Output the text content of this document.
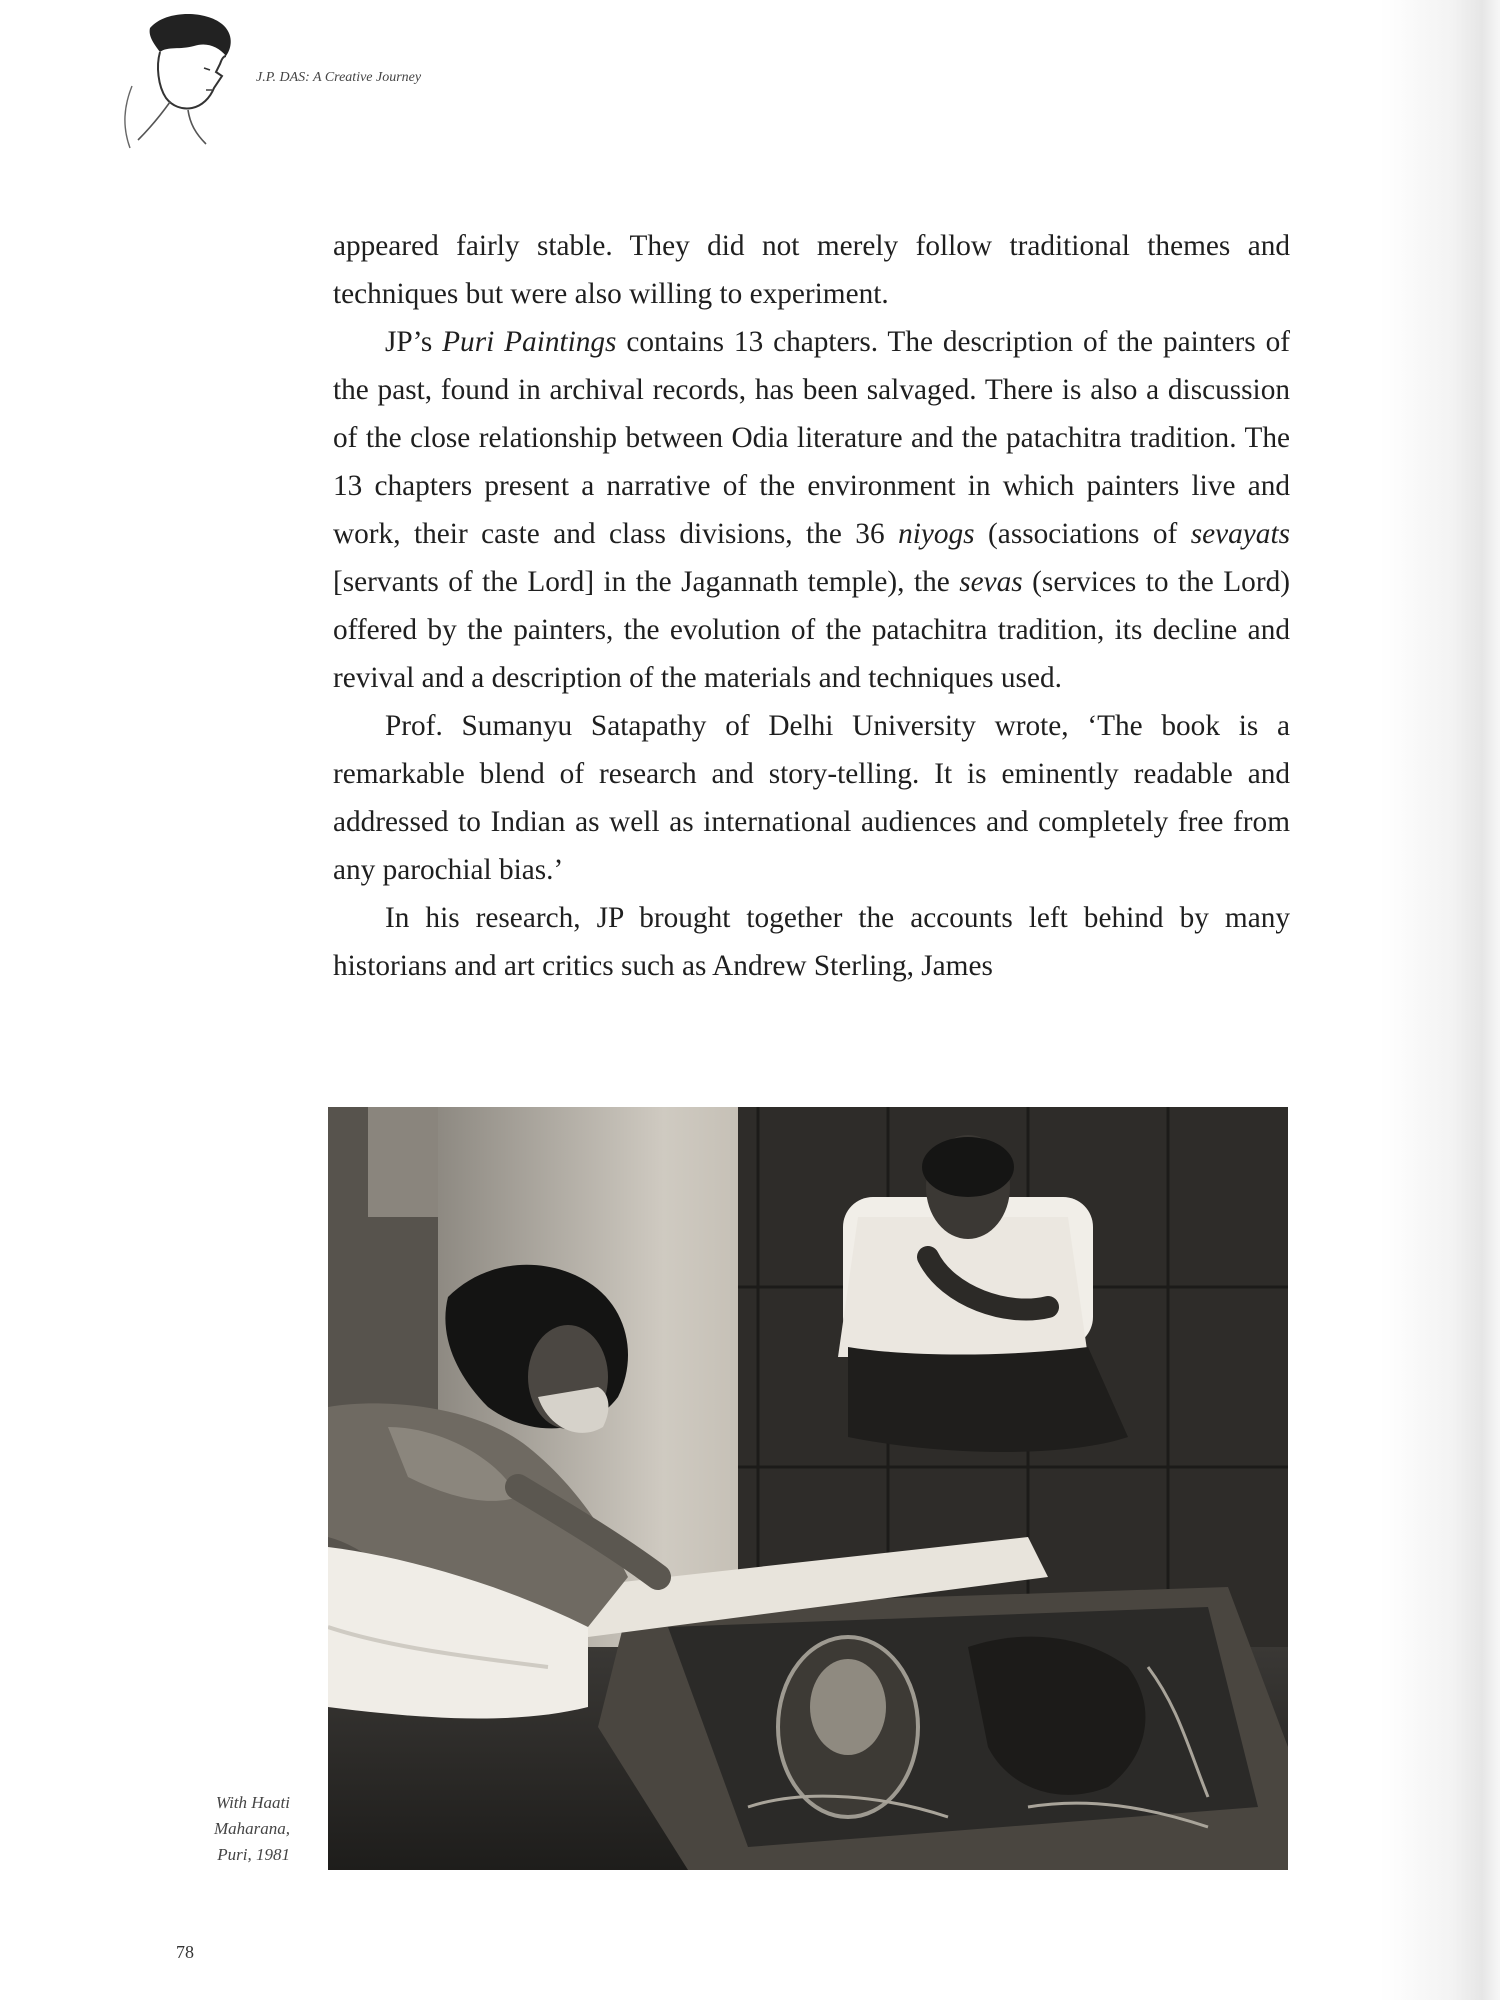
J.P. DAS: A Creative Journey

appeared fairly stable. They did not merely follow traditional themes and techniques but were also willing to experiment.

JP’s Puri Paintings contains 13 chapters. The description of the painters of the past, found in archival records, has been salvaged. There is also a discussion of the close relationship between Odia literature and the patachitra tradition. The 13 chapters present a narrative of the environment in which painters live and work, their caste and class divisions, the 36 niyogs (associations of sevayats [servants of the Lord] in the Jagannath temple), the sevas (services to the Lord) offered by the painters, the evolution of the patachitra tradition, its decline and revival and a description of the materials and techniques used.

Prof. Sumanyu Satapathy of Delhi University wrote, ‘The book is a remarkable blend of research and story-telling. It is eminently readable and addressed to Indian as well as international audiences and completely free from any parochial bias.’

In his research, JP brought together the accounts left behind by many historians and art critics such as Andrew Sterling, James

With Haati
Maharana,
Puri, 1981
78
